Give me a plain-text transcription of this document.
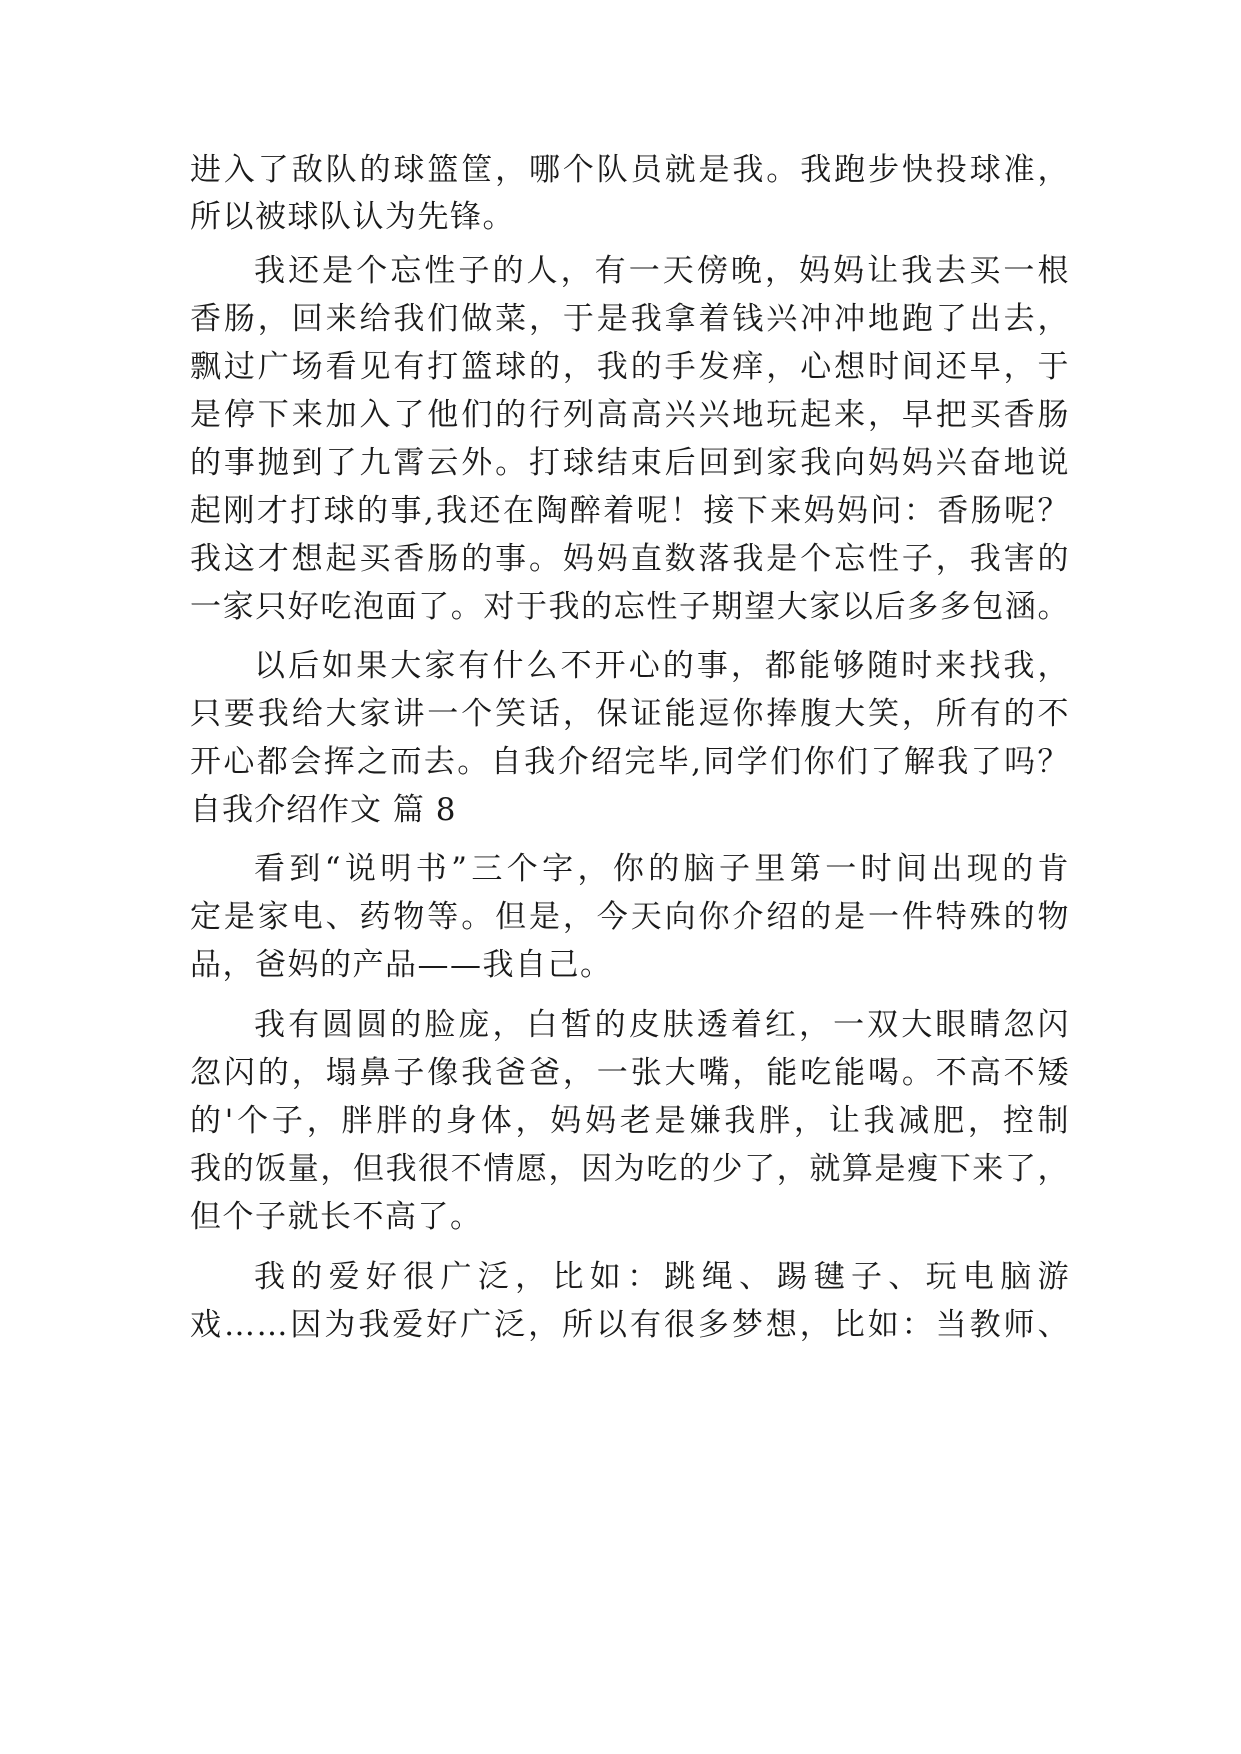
进入了敌队的球篮筐，哪个队员就是我。我跑步快投球准，
所以被球队认为先锋。
我还是个忘性子的人，有一天傍晚，妈妈让我去买一根
香肠，回来给我们做菜，于是我拿着钱兴冲冲地跑了出去，
飘过广场看见有打篮球的，我的手发痒，心想时间还早，于
是停下来加入了他们的行列高高兴兴地玩起来，早把买香肠
的事抛到了九霄云外。打球结束后回到家我向妈妈兴奋地说
起刚才打球的事,我还在陶醉着呢！接下来妈妈问：香肠呢？
我这才想起买香肠的事。妈妈直数落我是个忘性子，我害的
一家只好吃泡面了。对于我的忘性子期望大家以后多多包涵。
以后如果大家有什么不开心的事，都能够随时来找我，
只要我给大家讲一个笑话，保证能逗你捧腹大笑，所有的不
开心都会挥之而去。自我介绍完毕,同学们你们了解我了吗？
自我介绍作文 篇 8
看到“说明书”三个字，你的脑子里第一时间出现的肯
定是家电、药物等。但是，今天向你介绍的是一件特殊的物
品，爸妈的产品——我自己。
我有圆圆的脸庞，白皙的皮肤透着红，一双大眼睛忽闪
忽闪的，塌鼻子像我爸爸，一张大嘴，能吃能喝。不高不矮
的'个子，胖胖的身体，妈妈老是嫌我胖，让我减肥，控制
我的饭量，但我很不情愿，因为吃的少了，就算是瘦下来了，
但个子就长不高了。
我的爱好很广泛，比如：跳绳、踢毽子、玩电脑游
戏……因为我爱好广泛，所以有很多梦想，比如：当教师、
